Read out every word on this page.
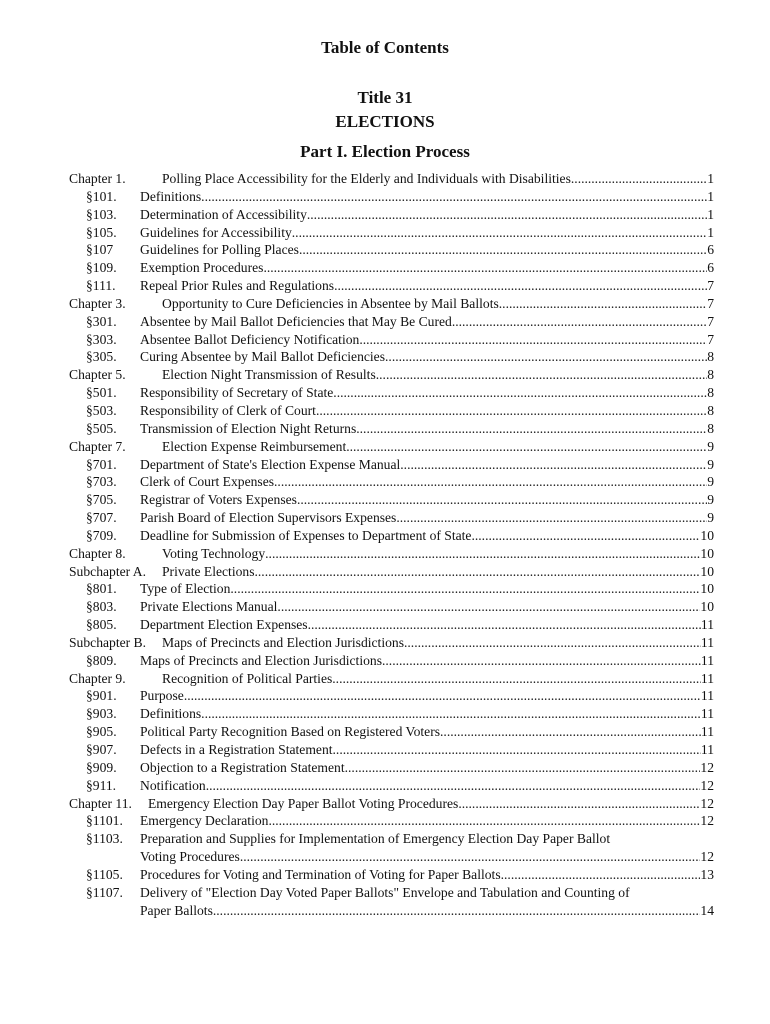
Table of Contents
Title 31
ELECTIONS
Part I. Election Process
Chapter 1.	Polling Place Accessibility for the Elderly and Individuals with Disabilities .....	1
§101. Definitions .....	1
§103. Determination of Accessibility .....	1
§105. Guidelines for Accessibility .....	1
§107 Guidelines for Polling Places .....	6
§109. Exemption Procedures .....	6
§111. Repeal Prior Rules and Regulations .....	7
Chapter 3.	Opportunity to Cure Deficiencies in Absentee by Mail Ballots .....	7
§301. Absentee by Mail Ballot Deficiencies that May Be Cured .....	7
§303. Absentee Ballot Deficiency Notification .....	7
§305. Curing Absentee by Mail Ballot Deficiencies .....	8
Chapter 5.	Election Night Transmission of Results .....	8
§501. Responsibility of Secretary of State .....	8
§503. Responsibility of Clerk of Court .....	8
§505. Transmission of Election Night Returns .....	8
Chapter 7.	Election Expense Reimbursement .....	9
§701. Department of State's Election Expense Manual .....	9
§703. Clerk of Court Expenses .....	9
§705. Registrar of Voters Expenses .....	9
§707. Parish Board of Election Supervisors Expenses .....	9
§709. Deadline for Submission of Expenses to Department of State .....	10
Chapter 8.	Voting Technology .....	10
Subchapter A. Private Elections .....	10
§801. Type of Election .....	10
§803. Private Elections Manual .....	10
§805. Department Election Expenses .....	11
Subchapter B. Maps of Precincts and Election Jurisdictions .....	11
§809. Maps of Precincts and Election Jurisdictions .....	11
Chapter 9.	Recognition of Political Parties .....	11
§901. Purpose .....	11
§903. Definitions .....	11
§905. Political Party Recognition Based on Registered Voters .....	11
§907. Defects in a Registration Statement .....	11
§909. Objection to a Registration Statement .....	12
§911. Notification .....	12
Chapter 11. Emergency Election Day Paper Ballot Voting Procedures .....	12
§1101. Emergency Declaration .....	12
§1103. Preparation and Supplies for Implementation of Emergency Election Day Paper Ballot
Voting Procedures .....	12
§1105. Procedures for Voting and Termination of Voting for Paper Ballots .....	13
§1107. Delivery of "Election Day Voted Paper Ballots" Envelope and Tabulation and Counting of
Paper Ballots .....	14
